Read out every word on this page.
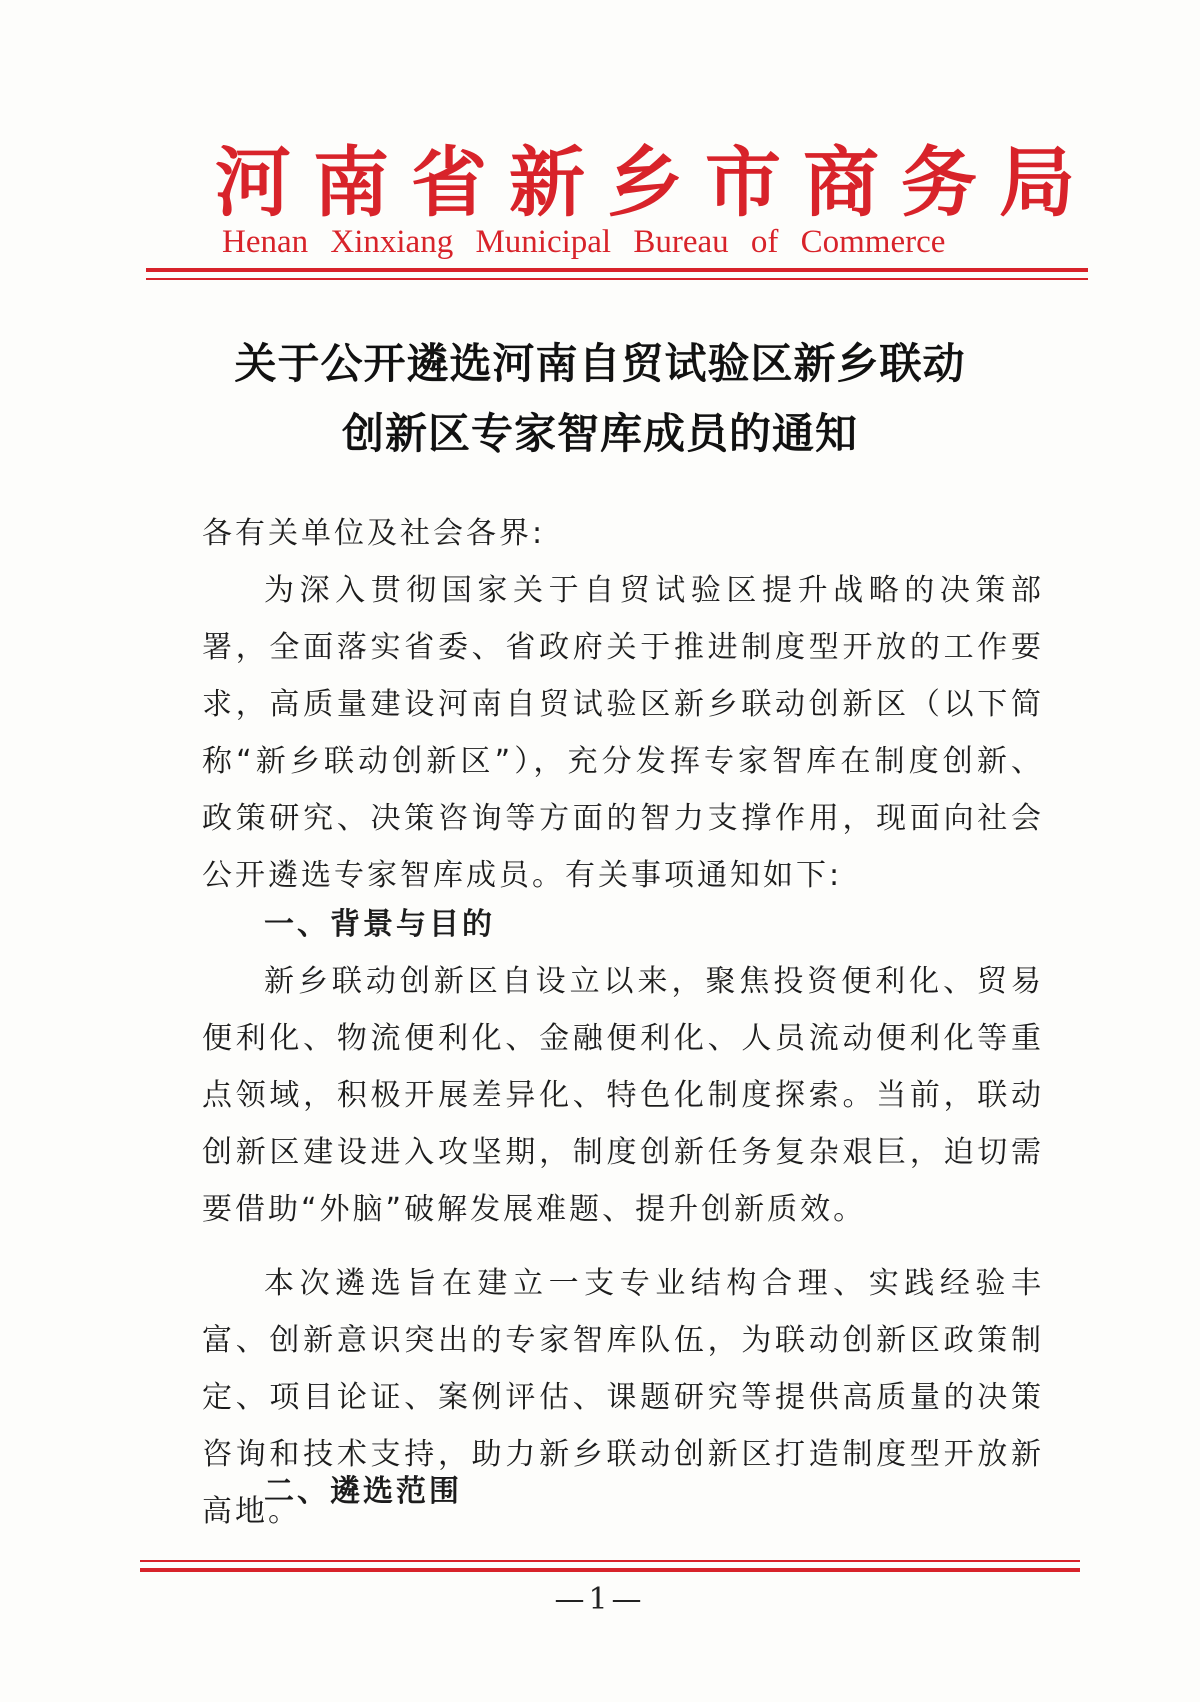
河南省新乡市商务局
Henan Xinxiang Municipal Bureau of Commerce
关于公开遴选河南自贸试验区新乡联动
创新区专家智库成员的通知
各有关单位及社会各界:
为深入贯彻国家关于自贸试验区提升战略的决策部署，全面落实省委、省政府关于推进制度型开放的工作要求，高质量建设河南自贸试验区新乡联动创新区（以下简称“新乡联动创新区”），充分发挥专家智库在制度创新、政策研究、决策咨询等方面的智力支撑作用，现面向社会公开遴选专家智库成员。有关事项通知如下:
一、背景与目的
新乡联动创新区自设立以来，聚焦投资便利化、贸易便利化、物流便利化、金融便利化、人员流动便利化等重点领域，积极开展差异化、特色化制度探索。当前，联动创新区建设进入攻坚期，制度创新任务复杂艰巨，迫切需要借助“外脑”破解发展难题、提升创新质效。
本次遴选旨在建立一支专业结构合理、实践经验丰富、创新意识突出的专家智库队伍，为联动创新区政策制定、项目论证、案例评估、课题研究等提供高质量的决策咨询和技术支持，助力新乡联动创新区打造制度型开放新高地。
二、遴选范围
—1—
